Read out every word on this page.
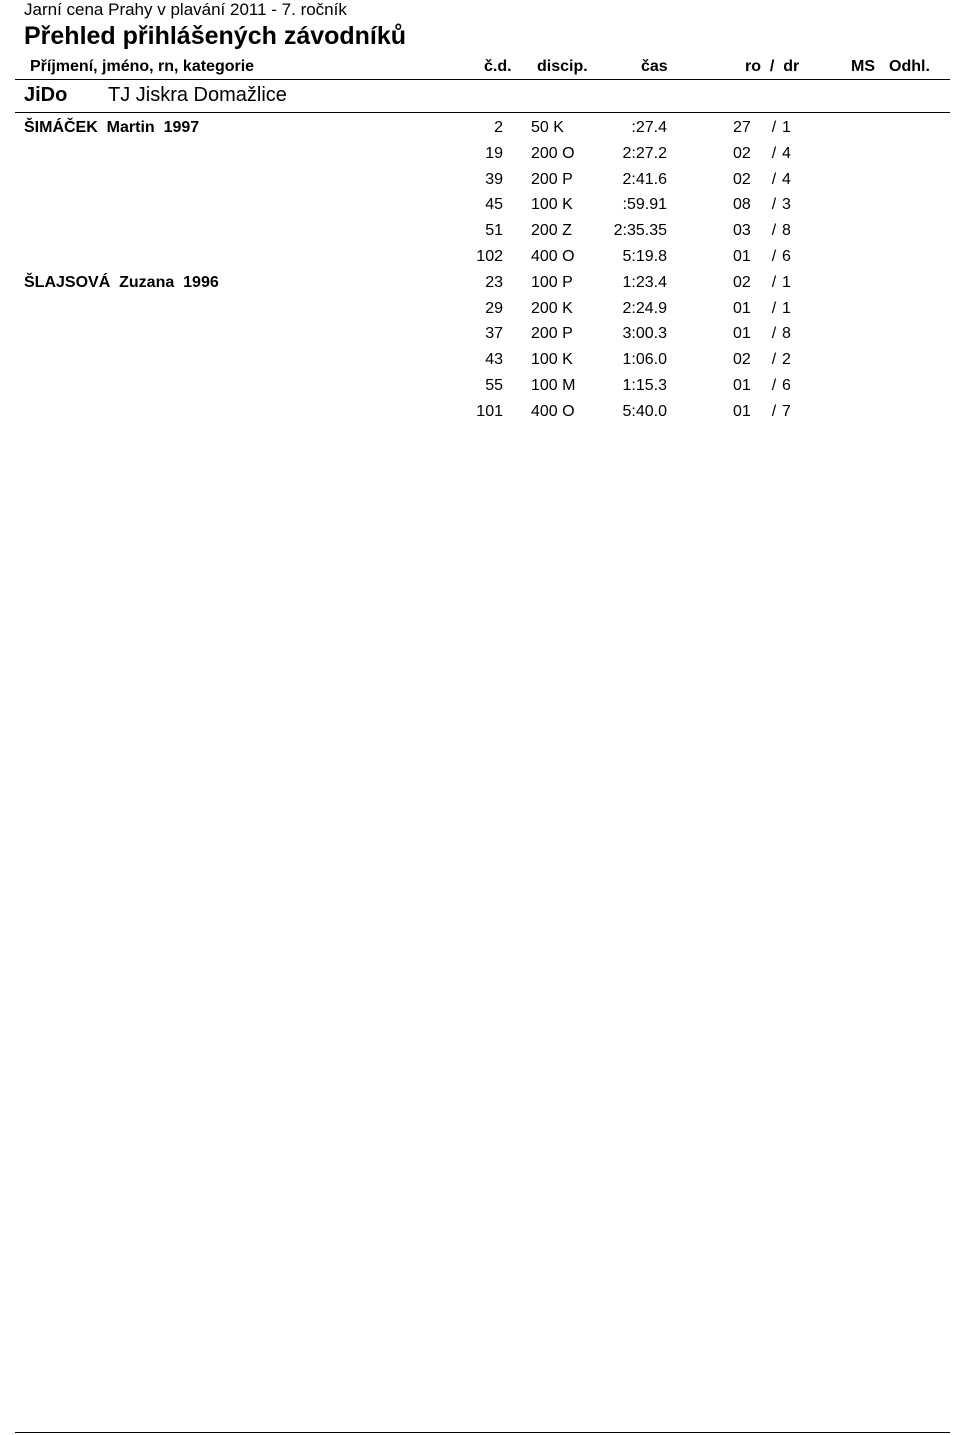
Jarní cena Prahy v plavání 2011 - 7. ročník
Přehled přihlášených závodníků
Příjmení, jméno, rn, kategorie	č.d. discip.	čas	ro  /  dr	MS Odhl.
JiDo TJ Jiskra Domažlice
ŠIMÁČEK  Martin  1997	2 50 K	:27.4	27 / 1
19 200 O	2:27.2	02 / 4
39 200 P	2:41.6	02 / 4
45 100 K	:59.91	08 / 3
51 200 Z	2:35.35	03 / 8
102 400 O	5:19.8	01 / 6
ŠLAJSOVÁ  Zuzana  1996	23 100 P	1:23.4	02 / 1
29 200 K	2:24.9	01 / 1
37 200 P	3:00.3	01 / 8
43 100 K	1:06.0	02 / 2
55 100 M	1:15.3	01 / 6
101 400 O	5:40.0	01 / 7
